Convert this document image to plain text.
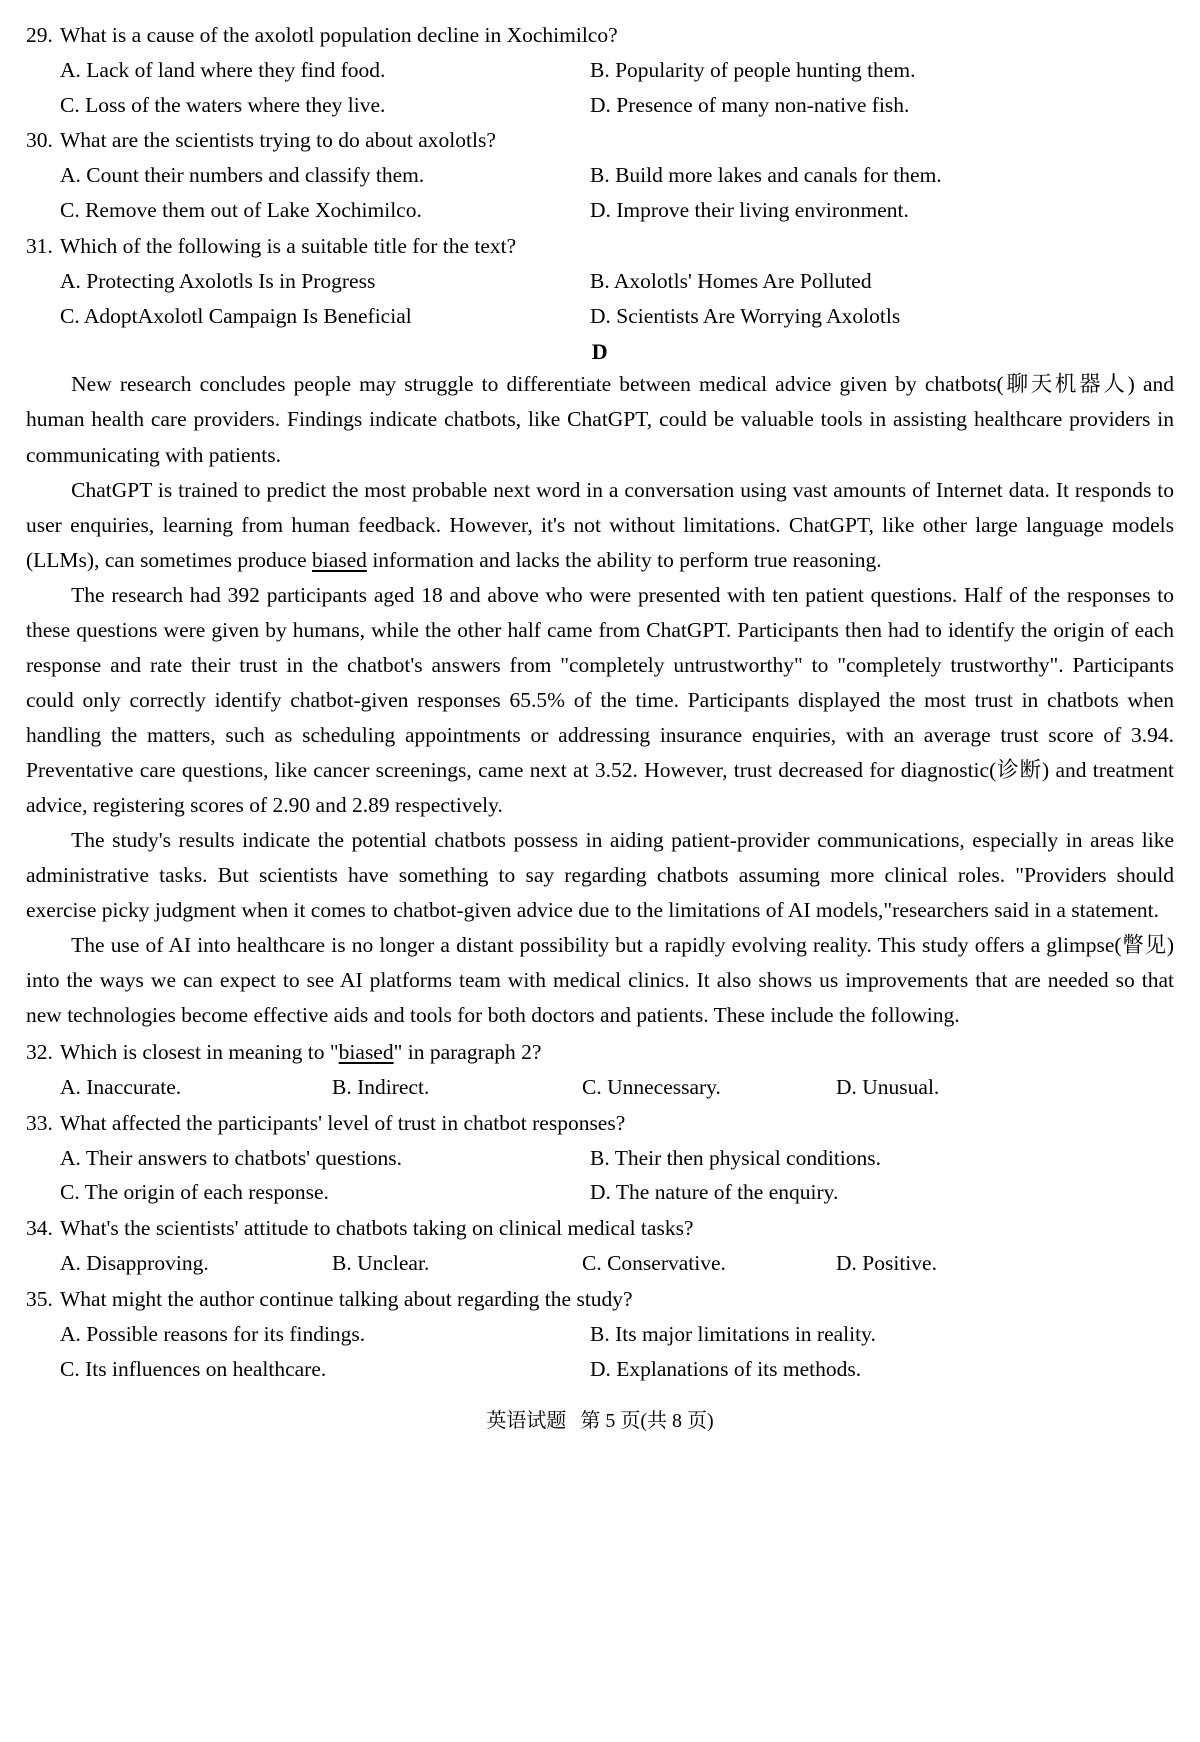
29. What is a cause of the axolotl population decline in Xochimilco?
A. Lack of land where they find food.	B. Popularity of people hunting them.
C. Loss of the waters where they live.	D. Presence of many non-native fish.
30. What are the scientists trying to do about axolotls?
A. Count their numbers and classify them.	B. Build more lakes and canals for them.
C. Remove them out of Lake Xochimilco.	D. Improve their living environment.
31. Which of the following is a suitable title for the text?
A. Protecting Axolotls Is in Progress	B. Axolotls' Homes Are Polluted
C. AdoptAxolotl Campaign Is Beneficial	D. Scientists Are Worrying Axolotls
D

New research concludes people may struggle to differentiate between medical advice given by chatbots(聊天机器人) and human health care providers. Findings indicate chatbots, like ChatGPT, could be valuable tools in assisting healthcare providers in communicating with patients.

ChatGPT is trained to predict the most probable next word in a conversation using vast amounts of Internet data. It responds to user enquiries, learning from human feedback. However, it's not without limitations. ChatGPT, like other large language models (LLMs), can sometimes produce biased information and lacks the ability to perform true reasoning.

The research had 392 participants aged 18 and above who were presented with ten patient questions. Half of the responses to these questions were given by humans, while the other half came from ChatGPT. Participants then had to identify the origin of each response and rate their trust in the chatbot's answers from "completely untrustworthy" to "completely trustworthy". Participants could only correctly identify chatbot-given responses 65.5% of the time. Participants displayed the most trust in chatbots when handling the matters, such as scheduling appointments or addressing insurance enquiries, with an average trust score of 3.94. Preventative care questions, like cancer screenings, came next at 3.52. However, trust decreased for diagnostic(诊断) and treatment advice, registering scores of 2.90 and 2.89 respectively.

The study's results indicate the potential chatbots possess in aiding patient-provider communications, especially in areas like administrative tasks. But scientists have something to say regarding chatbots assuming more clinical roles. "Providers should exercise picky judgment when it comes to chatbot-given advice due to the limitations of AI models,"researchers said in a statement.

The use of AI into healthcare is no longer a distant possibility but a rapidly evolving reality. This study offers a glimpse(瞥见) into the ways we can expect to see AI platforms team with medical clinics. It also shows us improvements that are needed so that new technologies become effective aids and tools for both doctors and patients. These include the following.

32. Which is closest in meaning to "biased" in paragraph 2?
A. Inaccurate.	B. Indirect.	C. Unnecessary.	D. Unusual.
33. What affected the participants' level of trust in chatbot responses?
A. Their answers to chatbots' questions.	B. Their then physical conditions.
C. The origin of each response.	D. The nature of the enquiry.
34. What's the scientists' attitude to chatbots taking on clinical medical tasks?
A. Disapproving.	B. Unclear.	C. Conservative.	D. Positive.
35. What might the author continue talking about regarding the study?
A. Possible reasons for its findings.	B. Its major limitations in reality.
C. Its influences on healthcare.	D. Explanations of its methods.
英语试题 第 5 页(共 8 页)
